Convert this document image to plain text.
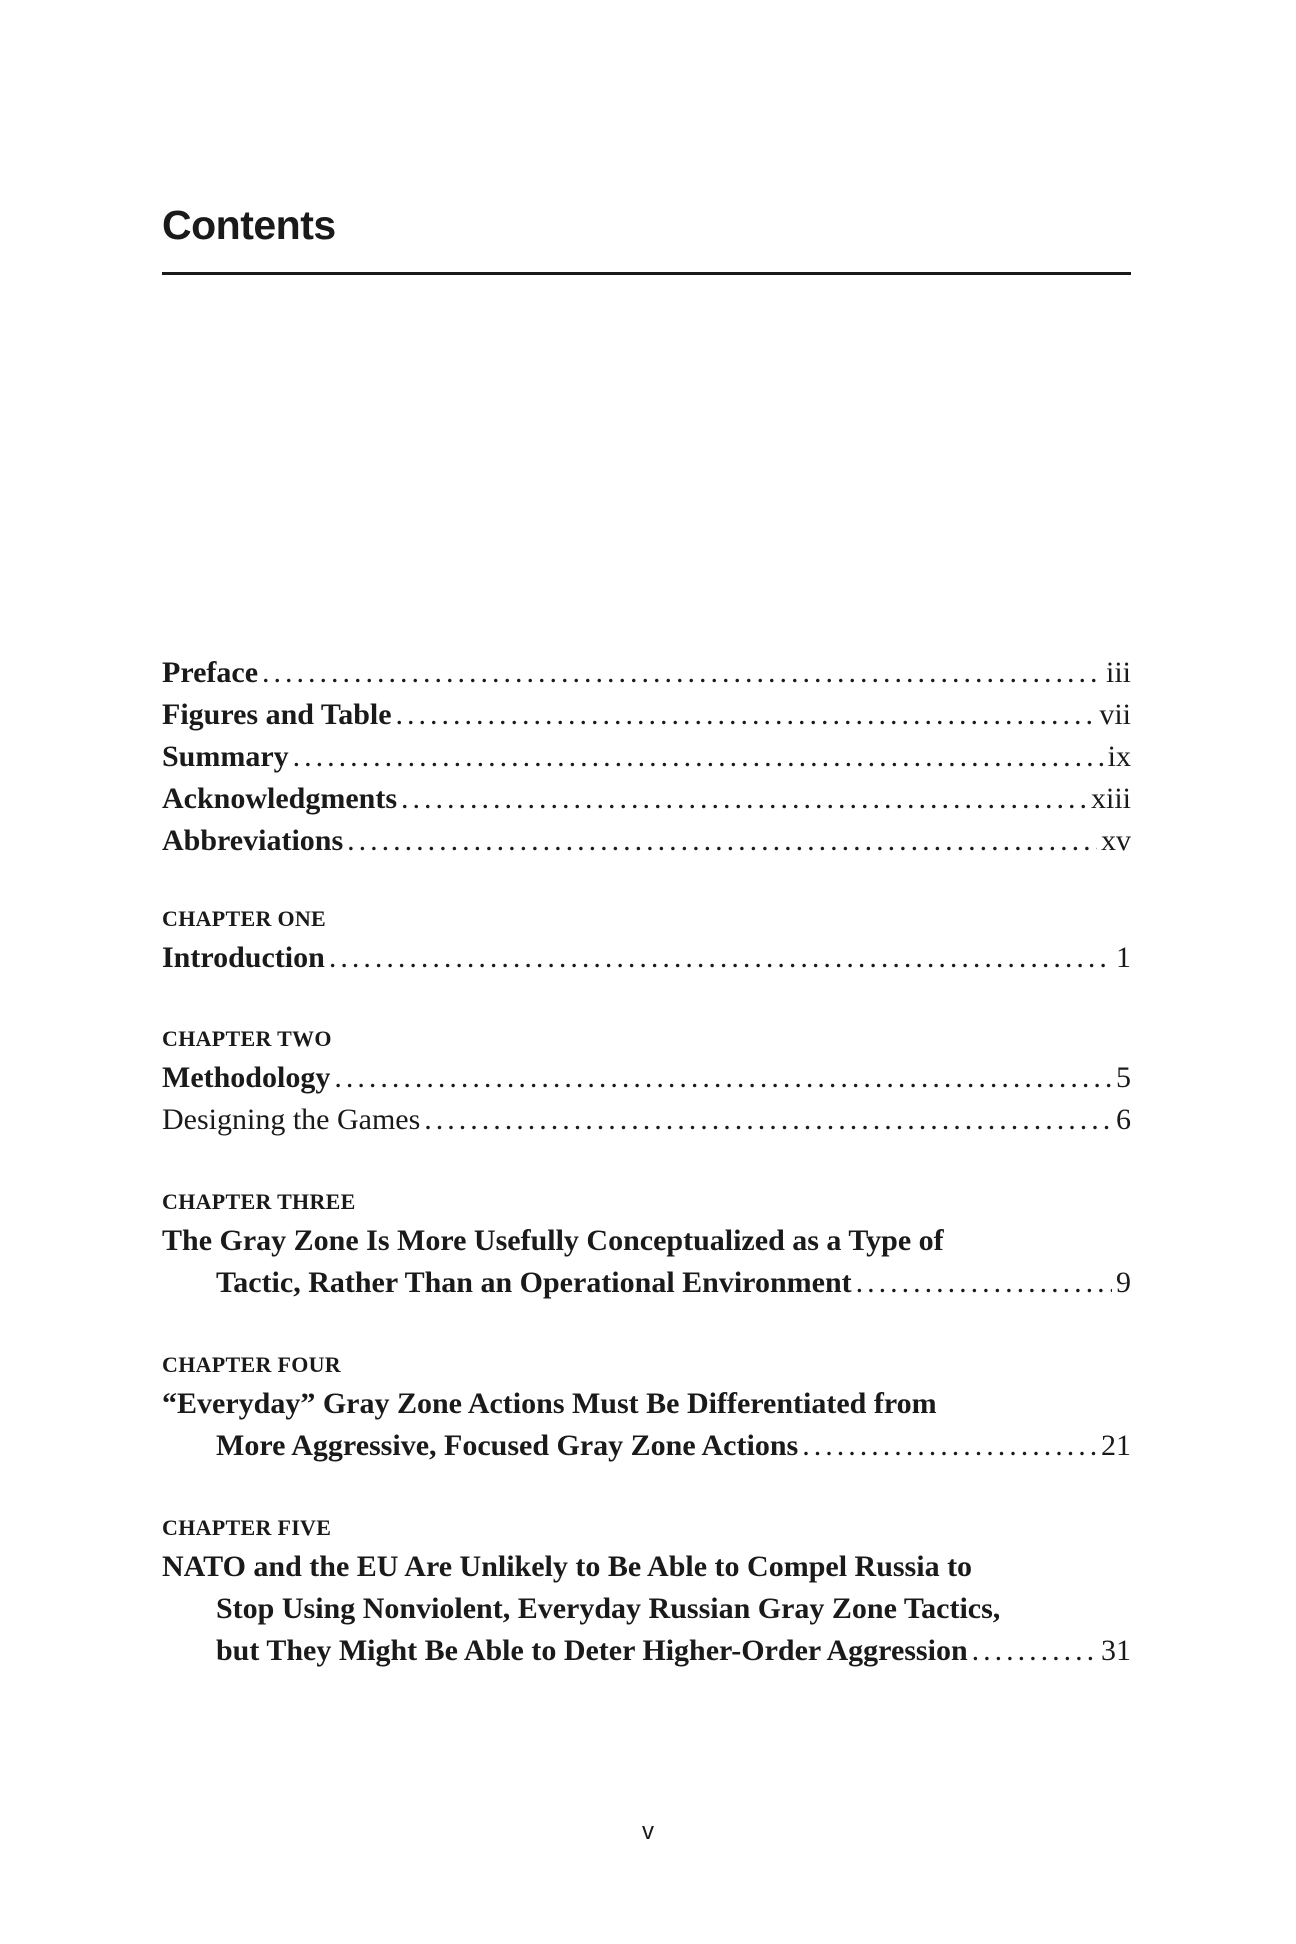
Contents
Preface .....	iii
Figures and Table .....	vii
Summary .....	ix
Acknowledgments .....	xiii
Abbreviations .....	xv
CHAPTER ONE
Introduction .....	1
CHAPTER TWO
Methodology .....	5
Designing the Games .....	6
CHAPTER THREE
The Gray Zone Is More Usefully Conceptualized as a Type of
Tactic, Rather Than an Operational Environment .....	9
CHAPTER FOUR
“Everyday” Gray Zone Actions Must Be Differentiated from
More Aggressive, Focused Gray Zone Actions .....	21
CHAPTER FIVE
NATO and the EU Are Unlikely to Be Able to Compel Russia to
Stop Using Nonviolent, Everyday Russian Gray Zone Tactics,
but They Might Be Able to Deter Higher-Order Aggression .....	31
v
